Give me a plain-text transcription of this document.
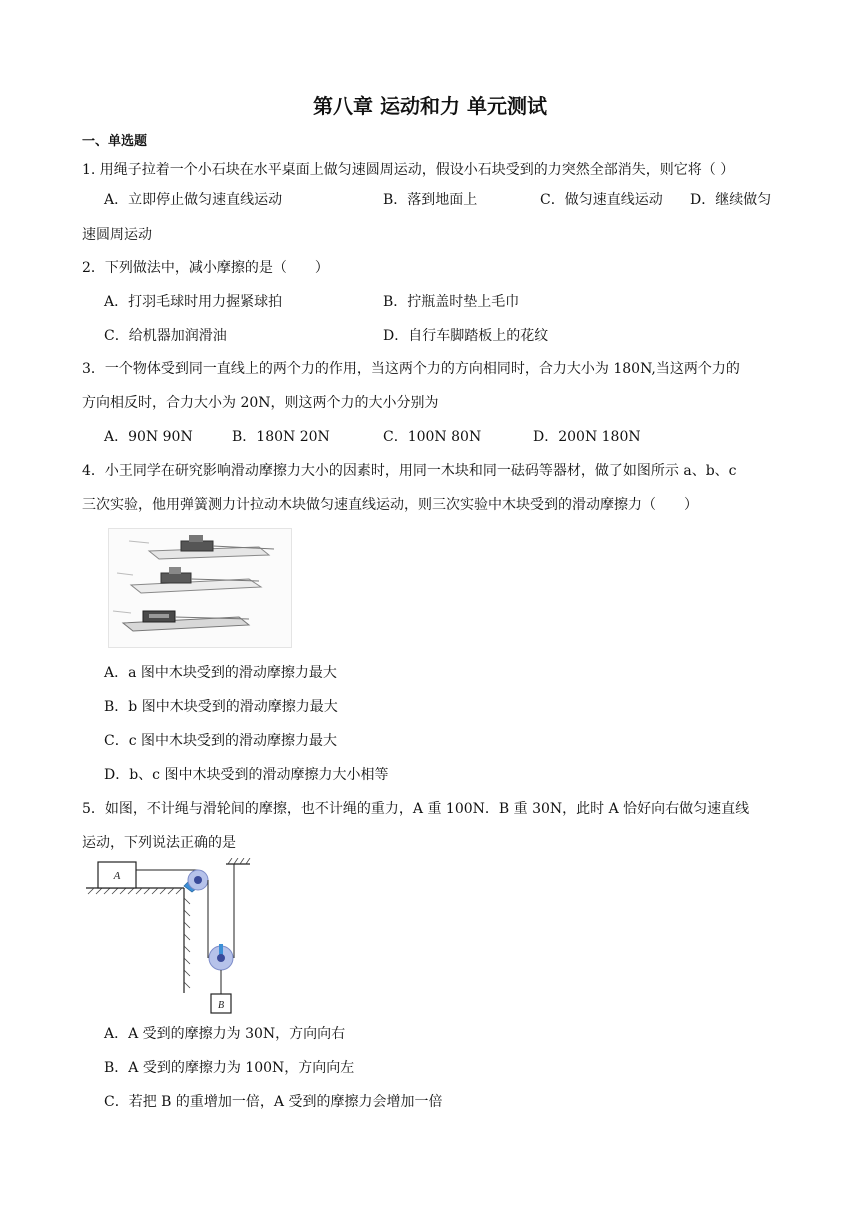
第八章 运动和力 单元测试
一、单选题
1. 用绳子拉着一个小石块在水平桌面上做匀速圆周运动，假设小石块受到的力突然全部消失，则它将（ ）
A．立即停止做匀速直线运动	B．落到地面上	C．做匀速直线运动 D．继续做匀
速圆周运动
2．下列做法中，减小摩擦的是（　　）
A．打羽毛球时用力握紧球拍	B．拧瓶盖时垫上毛巾
C．给机器加润滑油	D．自行车脚踏板上的花纹
3．一个物体受到同一直线上的两个力的作用，当这两个力的方向相同时，合力大小为 180N,当这两个力的
方向相反时，合力大小为 20N，则这两个力的大小分别为
A．90N 90N	B．180N 20N	C．100N 80N	D．200N 180N
4．小王同学在研究影响滑动摩擦力大小的因素时，用同一木块和同一砝码等器材，做了如图所示 a、b、c
三次实验，他用弹簧测力计拉动木块做匀速直线运动，则三次实验中木块受到的滑动摩擦力（　　）
A．a 图中木块受到的滑动摩擦力最大
B．b 图中木块受到的滑动摩擦力最大
C．c 图中木块受到的滑动摩擦力最大
D．b、c 图中木块受到的滑动摩擦力大小相等
5．如图，不计绳与滑轮间的摩擦，也不计绳的重力，A 重 100N．B 重 30N，此时 A 恰好向右做匀速直线
运动，下列说法正确的是
A
B
A．A 受到的摩擦力为 30N，方向向右
B．A 受到的摩擦力为 100N，方向向左
C．若把 B 的重增加一倍，A 受到的摩擦力会增加一倍
